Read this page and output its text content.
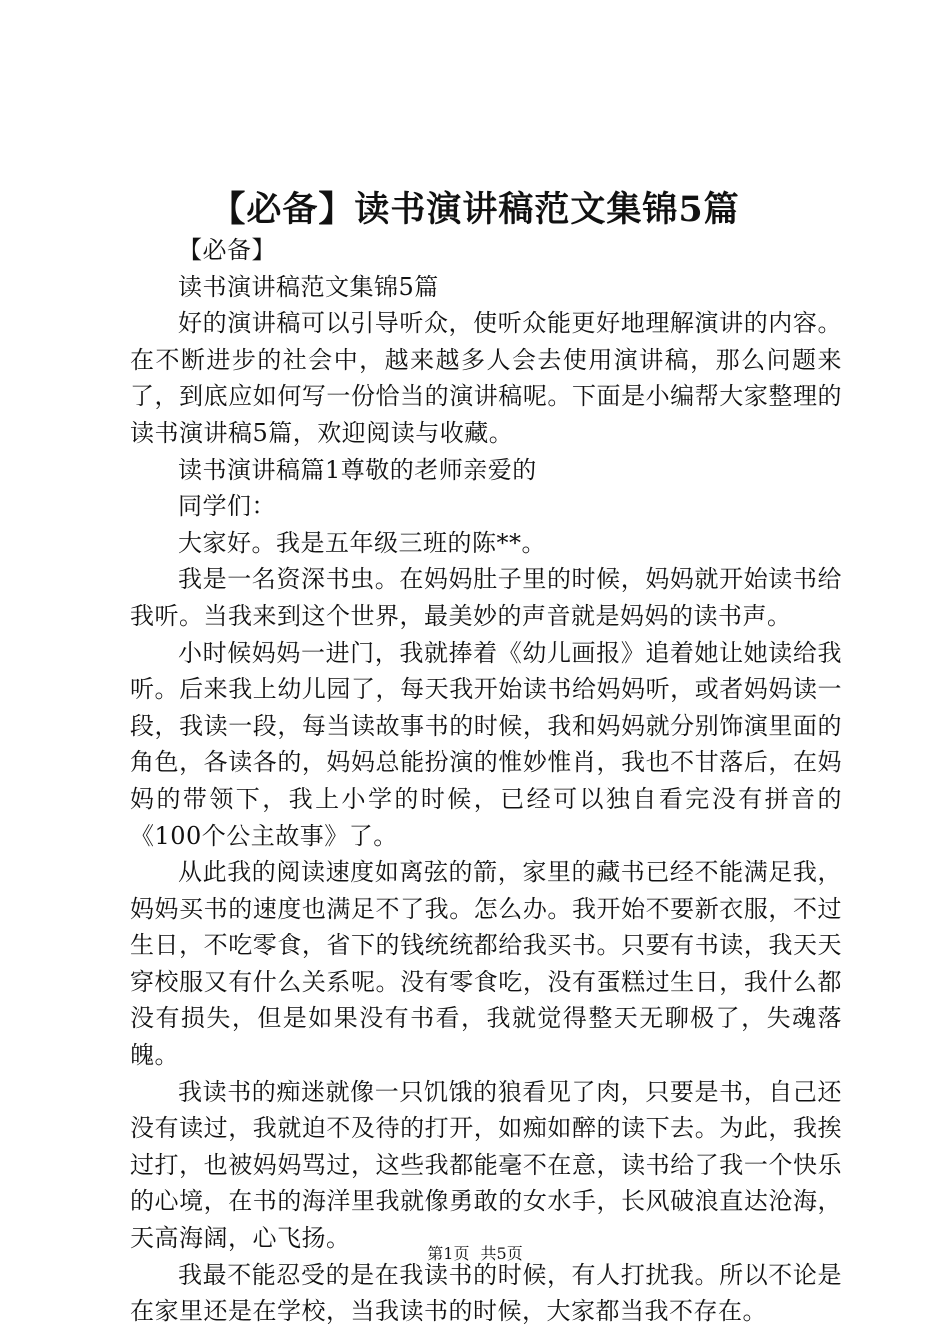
【必备】读书演讲稿范文集锦5篇

【必备】

读书演讲稿范文集锦5篇

好的演讲稿可以引导听众，使听众能更好地理解演讲的内容。在不断进步的社会中，越来越多人会去使用演讲稿，那么问题来了，到底应如何写一份恰当的演讲稿呢。下面是小编帮大家整理的读书演讲稿5篇，欢迎阅读与收藏。

读书演讲稿篇1尊敬的老师亲爱的

同学们：

大家好。我是五年级三班的陈**。

我是一名资深书虫。在妈妈肚子里的时候，妈妈就开始读书给我听。当我来到这个世界，最美妙的声音就是妈妈的读书声。

小时候妈妈一进门，我就捧着《幼儿画报》追着她让她读给我听。后来我上幼儿园了，每天我开始读书给妈妈听，或者妈妈读一段，我读一段，每当读故事书的时候，我和妈妈就分别饰演里面的角色，各读各的，妈妈总能扮演的惟妙惟肖，我也不甘落后，在妈妈的带领下，我上小学的时候，已经可以独自看完没有拼音的《100个公主故事》了。

从此我的阅读速度如离弦的箭，家里的藏书已经不能满足我，妈妈买书的速度也满足不了我。怎么办。我开始不要新衣服，不过生日，不吃零食，省下的钱统统都给我买书。只要有书读，我天天穿校服又有什么关系呢。没有零食吃，没有蛋糕过生日，我什么都没有损失，但是如果没有书看，我就觉得整天无聊极了，失魂落魄。

我读书的痴迷就像一只饥饿的狼看见了肉，只要是书，自己还没有读过，我就迫不及待的打开，如痴如醉的读下去。为此，我挨过打，也被妈妈骂过，这些我都能毫不在意，读书给了我一个快乐的心境，在书的海洋里我就像勇敢的女水手，长风破浪直达沧海，天高海阔，心飞扬。

我最不能忍受的是在我读书的时候，有人打扰我。所以不论是在家里还是在学校，当我读书的时候，大家都当我不存在。

第1页 共5页
